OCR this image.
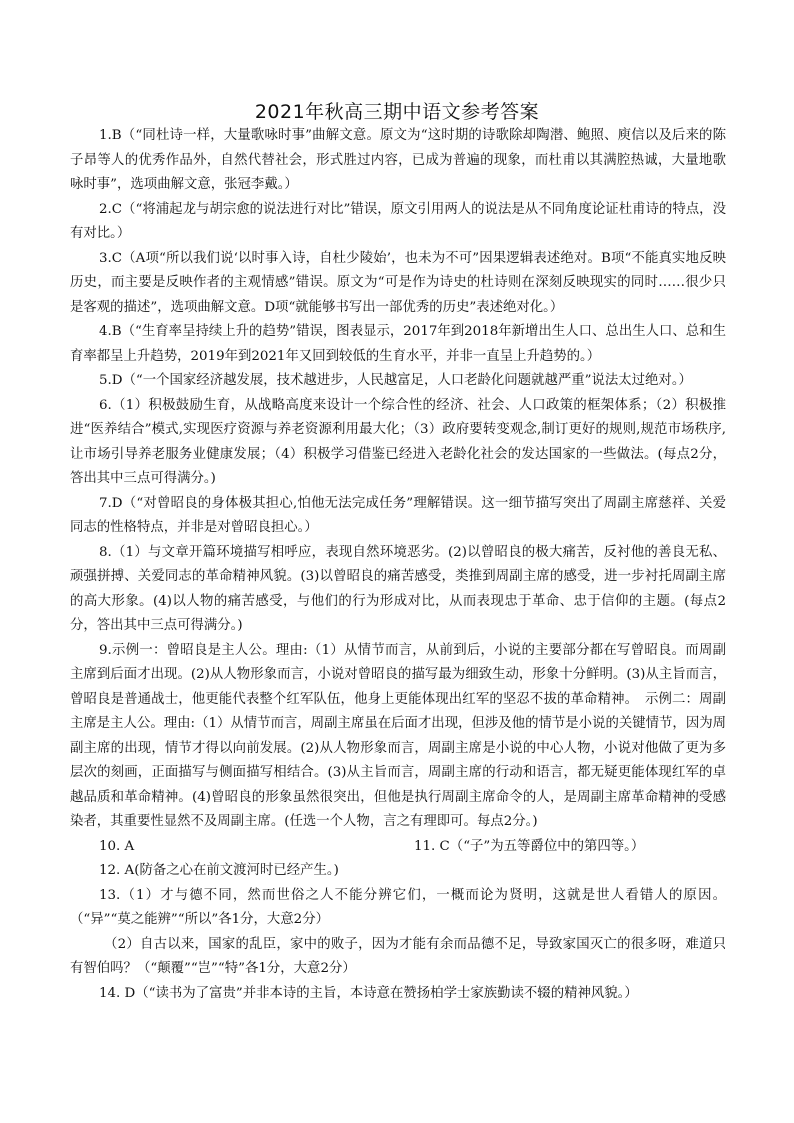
2021年秋高三期中语文参考答案

1.B（“同杜诗一样，大量歌咏时事”曲解文意。原文为“这时期的诗歌除却陶潜、鲍照、庾信以及后来的陈子昂等人的优秀作品外，自然代替社会，形式胜过内容，已成为普遍的现象，而杜甫以其满腔热诚，大量地歌咏时事”，选项曲解文意，张冠李戴。）

2.C（“将浦起龙与胡宗愈的说法进行对比”错误，原文引用两人的说法是从不同角度论证杜甫诗的特点，没有对比。）

3.C（A项“所以我们说‘以时事入诗，自杜少陵始’，也未为不可”因果逻辑表述绝对。B项“不能真实地反映历史，而主要是反映作者的主观情感”错误。原文为“可是作为诗史的杜诗则在深刻反映现实的同时……很少只是客观的描述”，选项曲解文意。D项“就能够书写出一部优秀的历史”表述绝对化。）

4.B（“生育率呈持续上升的趋势”错误，图表显示，2017年到2018年新增出生人口、总出生人口、总和生育率都呈上升趋势，2019年到2021年又回到较低的生育水平，并非一直呈上升趋势的。）

5.D（“一个国家经济越发展，技术越进步，人民越富足，人口老龄化问题就越严重”说法太过绝对。）

6.（1）积极鼓励生育，从战略高度来设计一个综合性的经济、社会、人口政策的框架体系；（2）积极推进“医养结合”模式,实现医疗资源与养老资源利用最大化；（3）政府要转变观念,制订更好的规则,规范市场秩序,让市场引导养老服务业健康发展；（4）积极学习借鉴已经进入老龄化社会的发达国家的一些做法。(每点2分，答出其中三点可得满分。)

7.D（“对曾昭良的身体极其担心,怕他无法完成任务”理解错误。这一细节描写突出了周副主席慈祥、关爱同志的性格特点，并非是对曾昭良担心。）

8.（1）与文章开篇环境描写相呼应，表现自然环境恶劣。(2)以曾昭良的极大痛苦，反衬他的善良无私、顽强拼搏、关爱同志的革命精神风貌。(3)以曾昭良的痛苦感受，类推到周副主席的感受，进一步衬托周副主席的高大形象。(4)以人物的痛苦感受，与他们的行为形成对比，从而表现忠于革命、忠于信仰的主题。(每点2分，答出其中三点可得满分。)

9.示例一：曾昭良是主人公。理由:（1）从情节而言，从前到后，小说的主要部分都在写曾昭良。而周副主席到后面才出现。(2)从人物形象而言，小说对曾昭良的描写最为细致生动，形象十分鲜明。(3)从主旨而言，曾昭良是普通战士，他更能代表整个红军队伍，他身上更能体现出红军的坚忍不拔的革命精神。　示例二：周副主席是主人公。理由:（1）从情节而言，周副主席虽在后面才出现，但涉及他的情节是小说的关键情节，因为周副主席的出现，情节才得以向前发展。(2)从人物形象而言，周副主席是小说的中心人物，小说对他做了更为多层次的刻画，正面描写与侧面描写相结合。(3)从主旨而言，周副主席的行动和语言，都无疑更能体现红军的卓越品质和革命精神。(4)曾昭良的形象虽然很突出，但他是执行周副主席命令的人，是周副主席革命精神的受感染者，其重要性显然不及周副主席。(任选一个人物，言之有理即可。每点2分。)

10. A	11. C（“子”为五等爵位中的第四等。）

12. A(防备之心在前文渡河时已经产生。)

13.（1）才与德不同，然而世俗之人不能分辨它们，一概而论为贤明，这就是世人看错人的原因。（“异”“莫之能辨”“所以”各1分，大意2分）

（2）自古以来，国家的乱臣，家中的败子，因为才能有余而品德不足，导致家国灭亡的很多呀，难道只有智伯吗？（“颠覆”“岂”“特”各1分，大意2分）

14. D（“读书为了富贵”并非本诗的主旨，本诗意在赞扬柏学士家族勤读不辍的精神风貌。）
